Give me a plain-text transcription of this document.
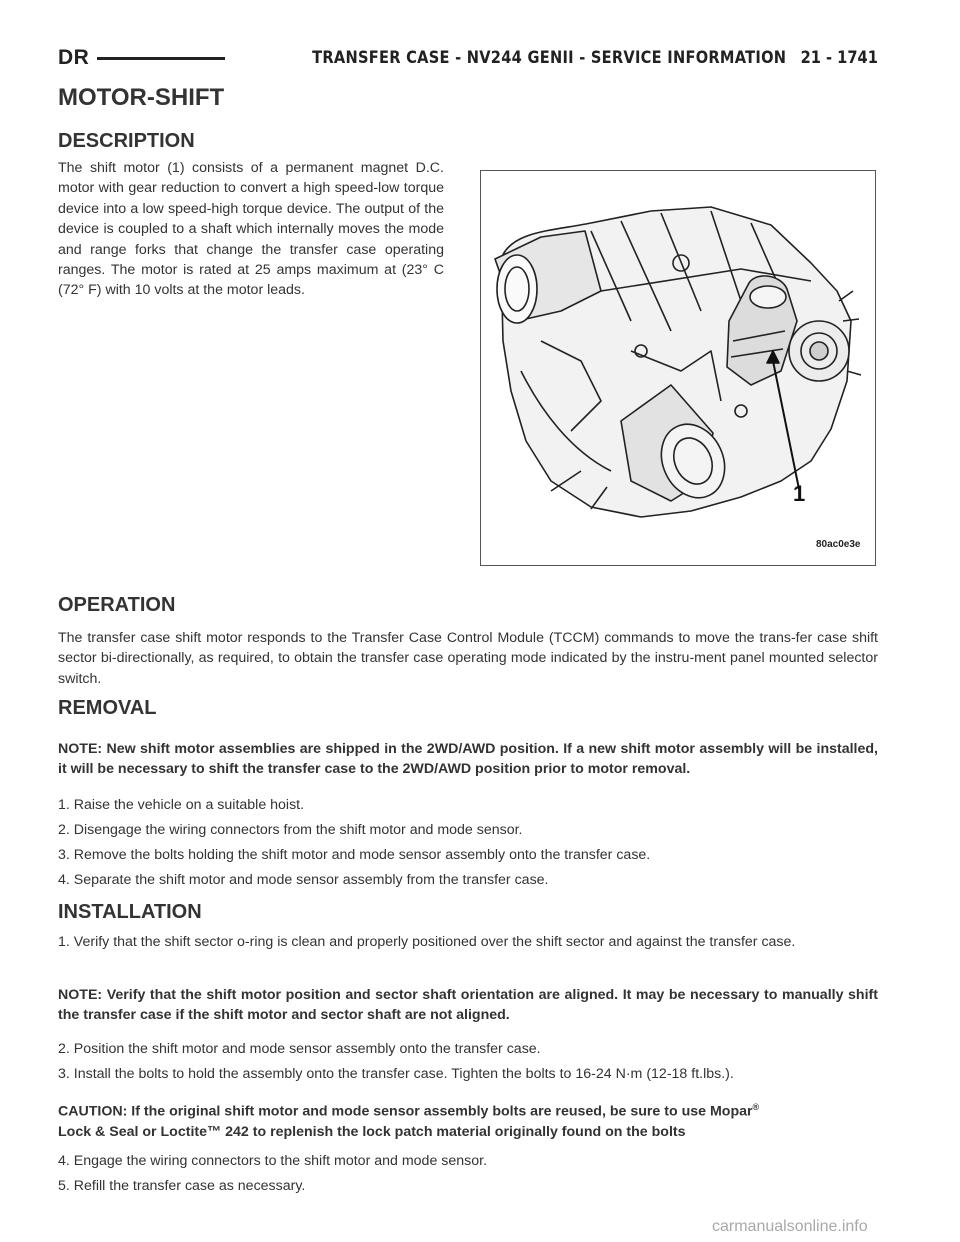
DR	TRANSFER CASE - NV244 GENII - SERVICE INFORMATION 21 - 1741
MOTOR-SHIFT
DESCRIPTION

The shift motor (1) consists of a permanent magnet D.C. motor with gear reduction to convert a high speed-low torque device into a low speed-high torque device. The output of the device is coupled to a shaft which internally moves the mode and range forks that change the transfer case operating ranges. The motor is rated at 25 amps maximum at (23° C (72° F) with 10 volts at the motor leads.

1
80ac0e3e
OPERATION

The transfer case shift motor responds to the Transfer Case Control Module (TCCM) commands to move the trans-fer case shift sector bi-directionally, as required, to obtain the transfer case operating mode indicated by the instru-ment panel mounted selector switch.

REMOVAL

NOTE: New shift motor assemblies are shipped in the 2WD/AWD position. If a new shift motor assembly will be installed, it will be necessary to shift the transfer case to the 2WD/AWD position prior to motor removal.

1. Raise the vehicle on a suitable hoist.
2. Disengage the wiring connectors from the shift motor and mode sensor.
3. Remove the bolts holding the shift motor and mode sensor assembly onto the transfer case.
4. Separate the shift motor and mode sensor assembly from the transfer case.
INSTALLATION
1. Verify that the shift sector o-ring is clean and properly positioned over the shift sector and against the transfer case.

NOTE: Verify that the shift motor position and sector shaft orientation are aligned. It may be necessary to manually shift the transfer case if the shift motor and sector shaft are not aligned.

2. Position the shift motor and mode sensor assembly onto the transfer case.
3. Install the bolts to hold the assembly onto the transfer case. Tighten the bolts to 16-24 N·m (12-18 ft.lbs.).

CAUTION: If the original shift motor and mode sensor assembly bolts are reused, be sure to use Mopar®
Lock & Seal or Loctite™ 242 to replenish the lock patch material originally found on the bolts

4. Engage the wiring connectors to the shift motor and mode sensor.
5. Refill the transfer case as necessary.
carmanualsonline.info
